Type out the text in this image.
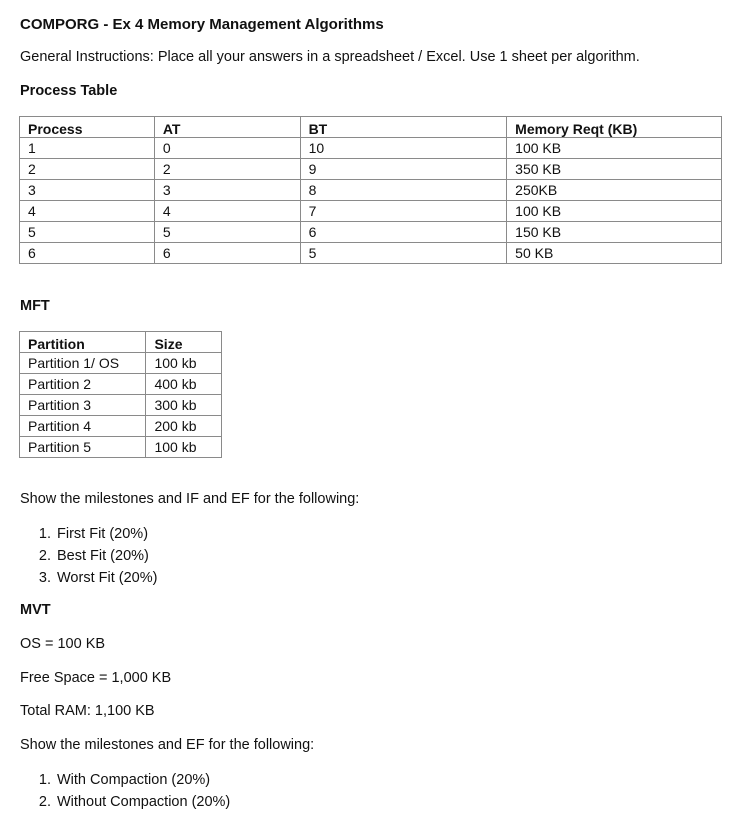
COMPORG - Ex 4 Memory Management Algorithms
General Instructions: Place all your answers in a spreadsheet / Excel. Use 1 sheet per algorithm.
Process Table
Process	AT	BT	Memory Reqt (KB)
1	0	10	100 KB
2	2	9	350 KB
3	3	8	250KB
4	4	7	100 KB
5	5	6	150 KB
6	6	5	50 KB
MFT
Partition	Size
Partition 1/ OS	100 kb
Partition 2	400 kb
Partition 3	300 kb
Partition 4	200 kb
Partition 5	100 kb
Show the milestones and IF and EF for the following:
1. First Fit (20%)
2. Best Fit (20%)
3. Worst Fit (20%)
MVT
OS = 100 KB
Free Space = 1,000 KB
Total RAM: 1,100 KB
Show the milestones and EF for the following:
1. With Compaction (20%)
2. Without Compaction (20%)
